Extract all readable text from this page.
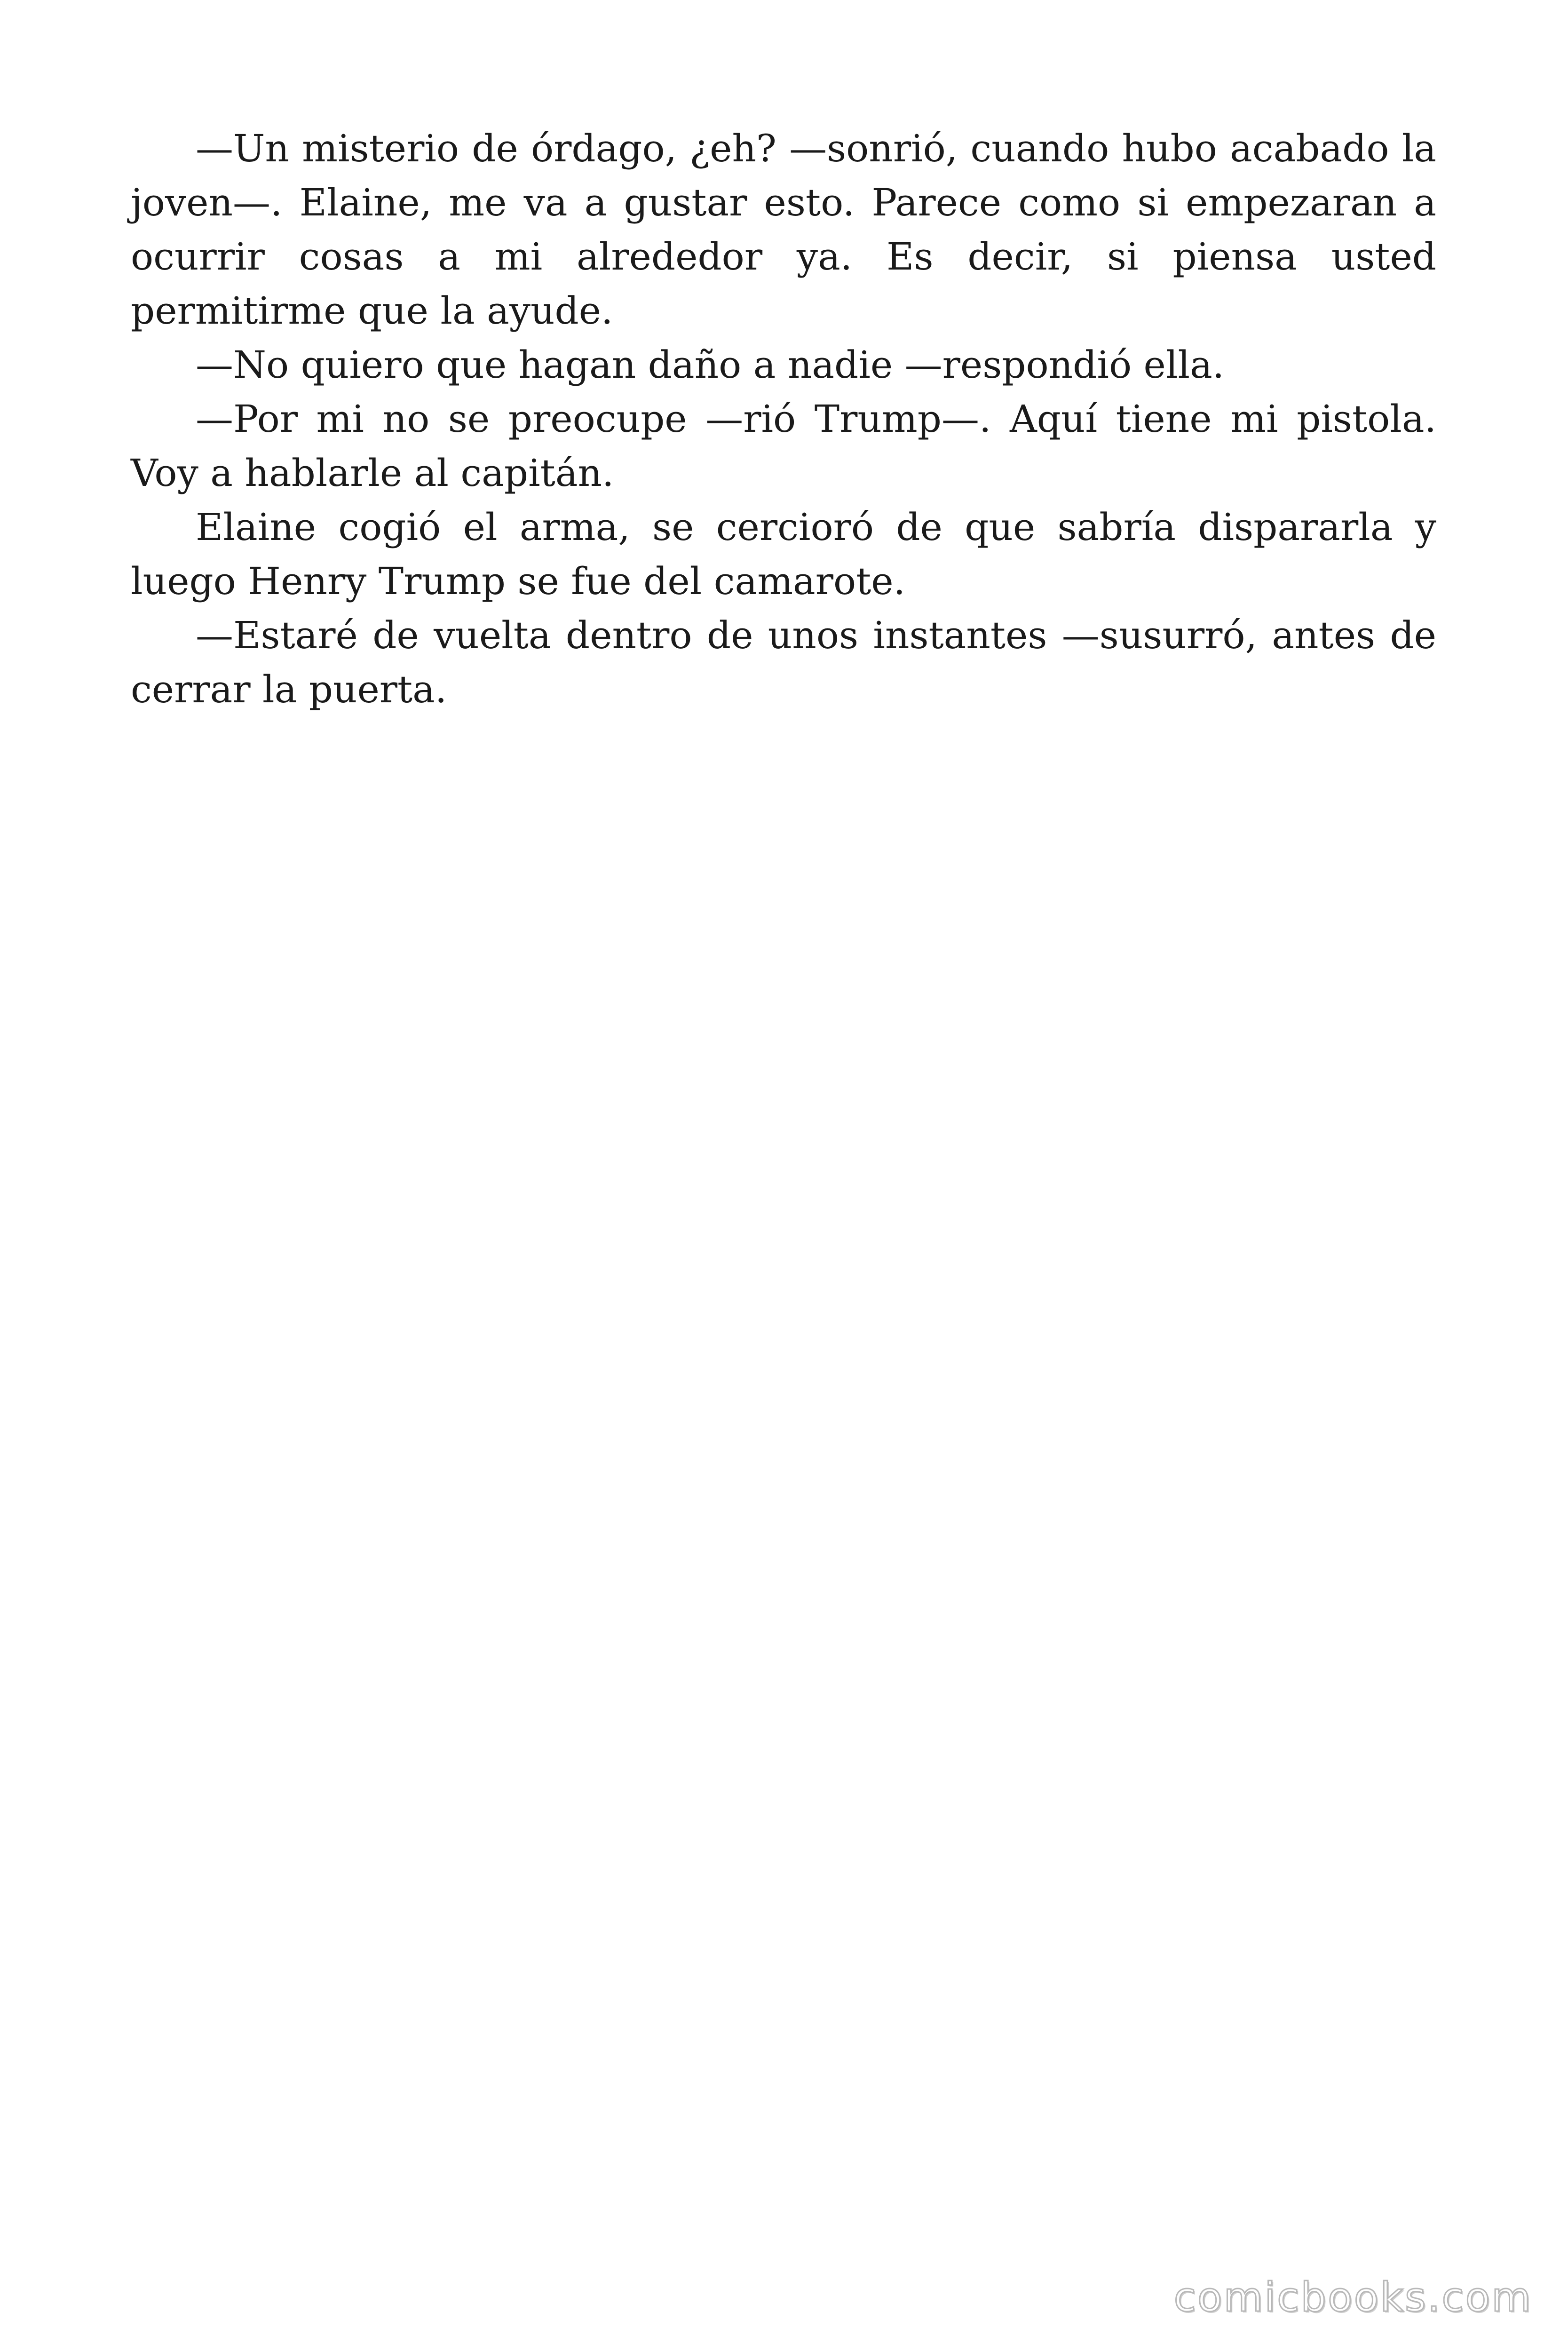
—Un misterio de órdago, ¿eh? —sonrió, cuando hubo acabado la joven—. Elaine, me va a gustar esto. Parece como si empezaran a ocurrir cosas a mi alrededor ya. Es decir, si piensa usted permitirme que la ayude.

—No quiero que hagan daño a nadie —respondió ella.

—Por mi no se preocupe —rió Trump—. Aquí tiene mi pistola. Voy a hablarle al capitán.

Elaine cogió el arma, se cercioró de que sabría dispararla y luego Henry Trump se fue del camarote.

—Estaré de vuelta dentro de unos instantes —susurró, antes de cerrar la puerta.

comicbooks.com
